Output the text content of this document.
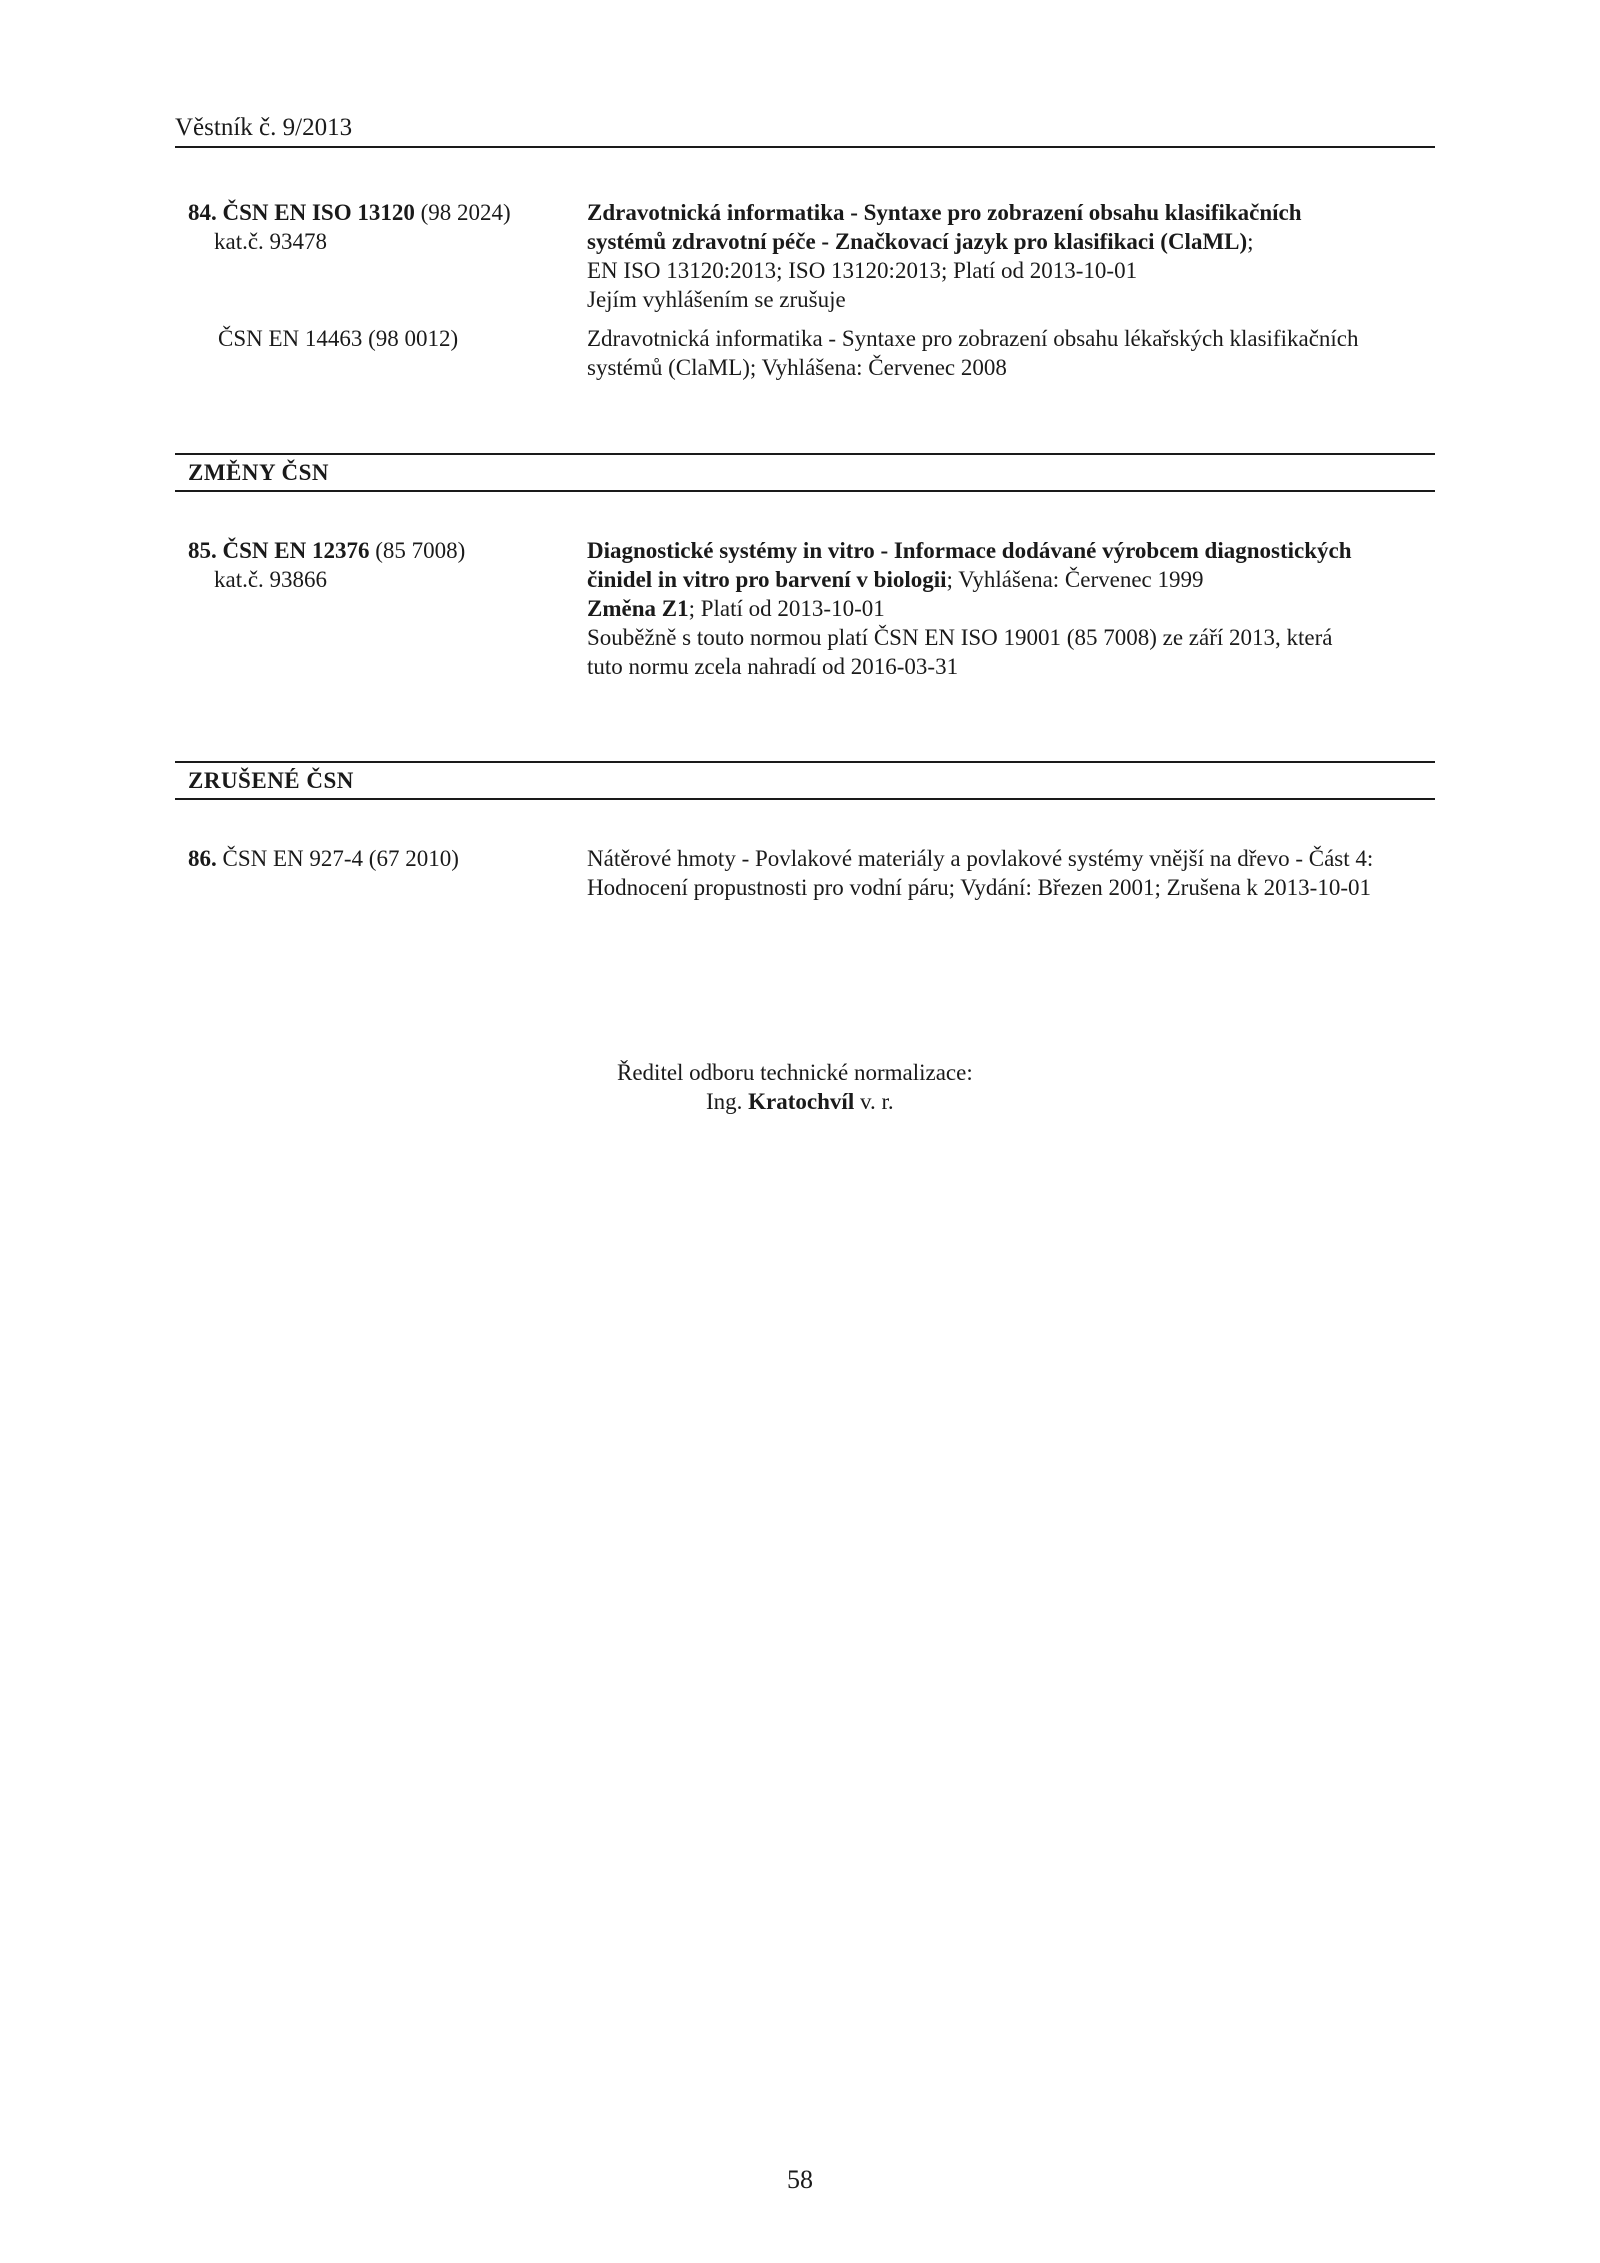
Věstník č. 9/2013
84. ČSN EN ISO 13120 (98 2024)
kat.č. 93478
Zdravotnická informatika - Syntaxe pro zobrazení obsahu klasifikačních
systémů zdravotní péče - Značkovací jazyk pro klasifikaci (ClaML);
EN ISO 13120:2013; ISO 13120:2013; Platí od 2013-10-01
Jejím vyhlášením se zrušuje
ČSN EN 14463 (98 0012)	Zdravotnická informatika - Syntaxe pro zobrazení obsahu lékařských klasifikačních
systémů (ClaML); Vyhlášena: Červenec 2008
ZMĚNY ČSN
85. ČSN EN 12376 (85 7008)
kat.č. 93866
Diagnostické systémy in vitro - Informace dodávané výrobcem diagnostických
činidel in vitro pro barvení v biologii; Vyhlášena: Červenec 1999
Změna Z1; Platí od 2013-10-01
Souběžně s touto normou platí ČSN EN ISO 19001 (85 7008) ze září 2013, která
tuto normu zcela nahradí od 2016-03-31
ZRUŠENÉ ČSN
86. ČSN EN 927-4 (67 2010)	Nátěrové hmoty - Povlakové materiály a povlakové systémy vnější na dřevo - Část 4:
Hodnocení propustnosti pro vodní páru; Vydání: Březen 2001; Zrušena k 2013-10-01
Ředitel odboru technické normalizace:
Ing. Kratochvíl v. r.
58
